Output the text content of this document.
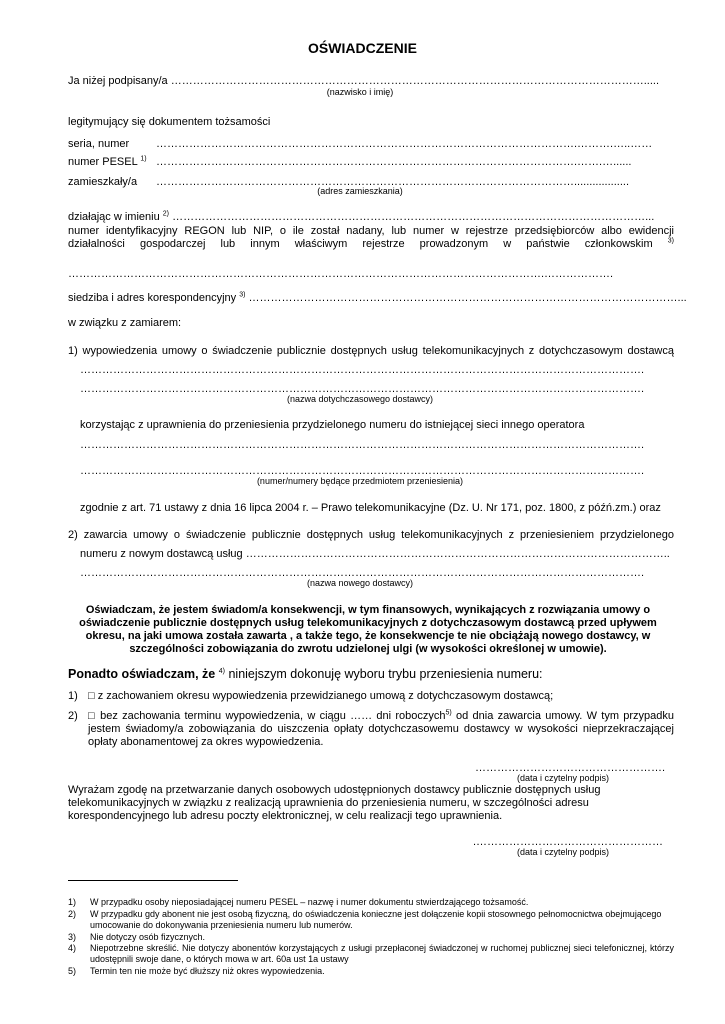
OŚWIADCZENIE
Ja niżej podpisany/a ………………………………………………………………………………………………………………….....
(nazwisko i imię)
legitymujący się dokumentem tożsamości
seria, numer …………………………………………………………………………………………………….……….…..……
numer PESEL $^{1)}$ …………………………………………………………………………………………………….…….…......
zamieszkały/a ……………………………………………………………………………………………………..................
(adres zamieszkania)
działając w imieniu $^{2)}$ …………………………………………………………………………………………………………………...
numer identyfikacyjny REGON lub NIP, o ile został nadany, lub numer w rejestrze przedsiębiorców albo ewidencji działalności gospodarczej lub innym właściwym rejestrze prowadzonym w państwie członkowskim $^{3)}$
………………………………………………………………………………………………………………….……………….
siedziba i adres korespondencyjny $^{3)}$ ………………………………………………………………………………………………………...
w związku z zamiarem:
1) wypowiedzenia umowy o świadczenie publicznie dostępnych usług telekomunikacyjnych z dotychczasowym dostawcą
……………………………………………………………………………………………………………………………………….
……………………………………………………………………………………………………………………………………….
(nazwa dotychczasowego dostawcy)
korzystając z uprawnienia do przeniesienia przydzielonego numeru do istniejącej sieci innego operatora
……………………………………………………………………………………………………………………………………….
……………………………………………………………………………………………………………………………………….
(numer/numery będące przedmiotem przeniesienia)
zgodnie z art. 71 ustawy z dnia 16 lipca 2004 r. – Prawo telekomunikacyjne (Dz. U. Nr 171, poz. 1800, z późń.zm.) oraz
2) zawarcia umowy o świadczenie publicznie dostępnych usług telekomunikacyjnych z przeniesieniem przydzielonego
numeru z nowym dostawcą usług ……………………………………………………………………………………………………..
……………………………………………………………………………………………………………………………………….
(nazwa nowego dostawcy)
Oświadczam, że jestem świadom/a konsekwencji, w tym finansowych, wynikających z rozwiązania umowy o oświadczenie publicznie dostępnych usług telekomunikacyjnych z dotychczasowym dostawcą przed upływem okresu, na jaki umowa została zawarta , a także tego, że konsekwencje te nie obciążają nowego dostawcy, w szczególności zobowiązania do zwrotu udzielonej ulgi (w wysokości określonej w umowie).
Ponadto oświadczam, że $^{4)}$ niniejszym dokonuję wyboru trybu przeniesienia numeru:
1) □ z zachowaniem okresu wypowiedzenia przewidzianego umową z dotychczasowym dostawcą;
2) □ bez zachowania terminu wypowiedzenia, w ciągu …… dni roboczych$^{5)}$ od dnia zawarcia umowy. W tym przypadku jestem świadomy/a zobowiązania do uiszczenia opłaty dotychczasowemu dostawcy w wysokości nieprzekraczającej opłaty abonamentowej za okres wypowiedzenia.
…………………………………………….
(data i czytelny podpis)
Wyrażam zgodę na przetwarzanie danych osobowych udostępnionych dostawcy publicznie dostępnych usług telekomunikacyjnych w związku z realizacją uprawnienia do przeniesienia numeru, w szczególności adresu korespondencyjnego lub adresu poczty elektronicznej, w celu realizacji tego uprawnienia.
.……………………………………………
(data i czytelny podpis)
1) W przypadku osoby nieposiadającej numeru PESEL – nazwę i numer dokumentu stwierdzającego tożsamość.
2) W przypadku gdy abonent nie jest osobą fizyczną, do oświadczenia konieczne jest dołączenie kopii stosownego pełnomocnictwa obejmującego umocowanie do dokonywania przeniesienia numeru lub numerów.
3) Nie dotyczy osób fizycznych.
4) Niepotrzebne skreślić. Nie dotyczy abonentów korzystających z usługi przepłaconej świadczonej w ruchomej publicznej sieci telefonicznej, którzy udostępnili swoje dane, o których mowa w art. 60a ust 1a ustawy
5) Termin ten nie może być dłuższy niż okres wypowiedzenia.
